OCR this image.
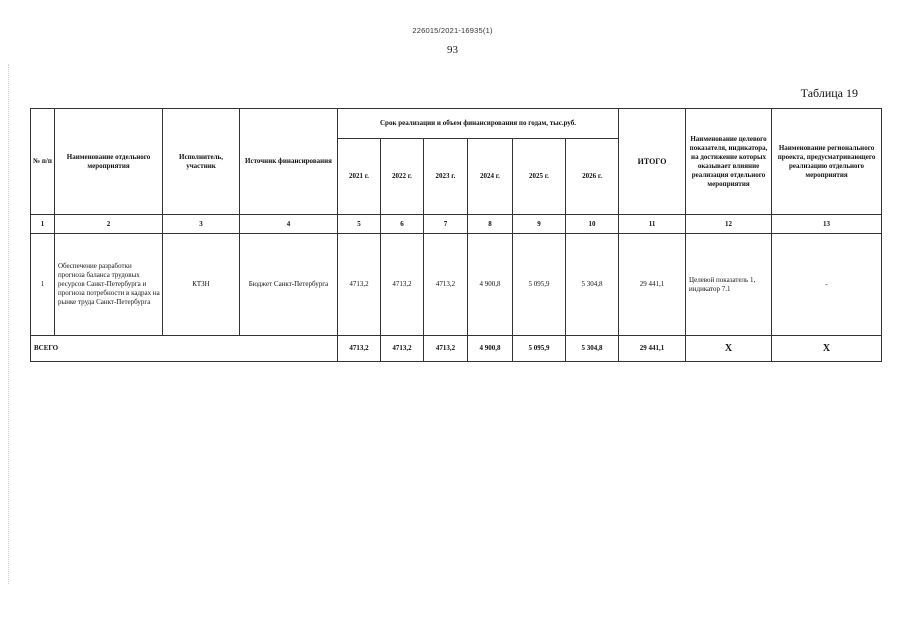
226015/2021-16935(1)
93
Таблица 19
№ п/п	Наименование отдельного мероприятия	Исполнитель, участник	Источник финансирования	Срок реализации и объем финансирования по годам, тыс.руб.						ИТОГО	Наименование целевого показателя, индикатора, на достижение которых оказывает влияние реализация отдельного мероприятия	Наименование регионального проекта, предусматривающего реализацию отдельного мероприятия
				2021 г.	2022 г.	2023 г.	2024 г.	2025 г.	2026 г.			
1	2	3	4	5	6	7	8	9	10	11	12	13
1	Обеспечение разработки прогноза баланса трудовых ресурсов Санкт-Петербурга и прогноза потребности в кадрах на рынке труда Санкт-Петербурга	КТЗН	Бюджет Санкт-Петербурга	4713,2	4713,2	4713,2	4 900,8	5 095,9	5 304,8	29 441,1	Целевой показатель 1, индикатор 7.1	-
ВСЕГО				4713,2	4713,2	4713,2	4 900,8	5 095,9	5 304,8	29 441,1	Х	Х
